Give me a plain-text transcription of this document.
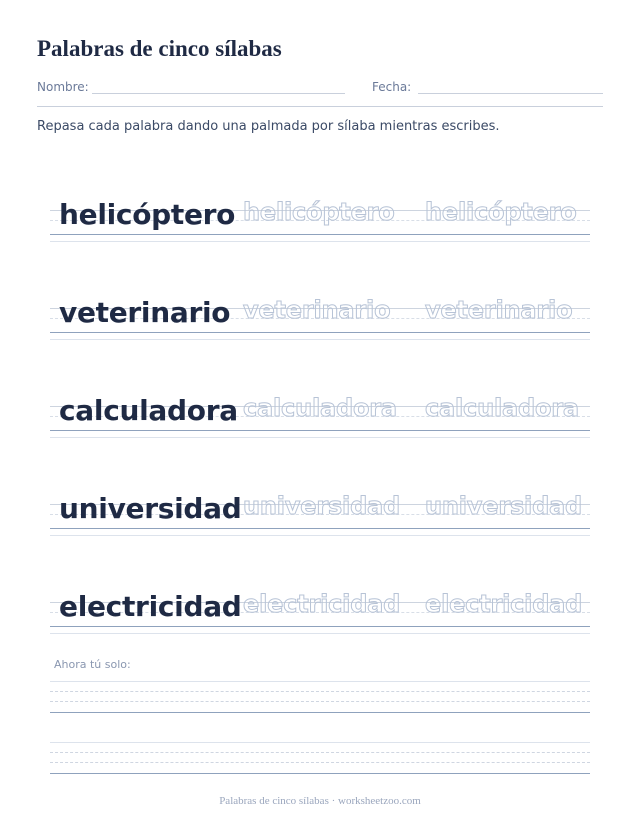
Palabras de cinco sílabas
Nombre:	Fecha:
Repasa cada palabra dando una palmada por sílaba mientras escribes.
helicóptero helicóptero helicóptero
veterinario veterinario veterinario
calculadora calculadora calculadora
universidad universidad universidad
electricidad electricidad electricidad
Ahora tú solo:
Palabras de cinco sílabas · worksheetzoo.com
